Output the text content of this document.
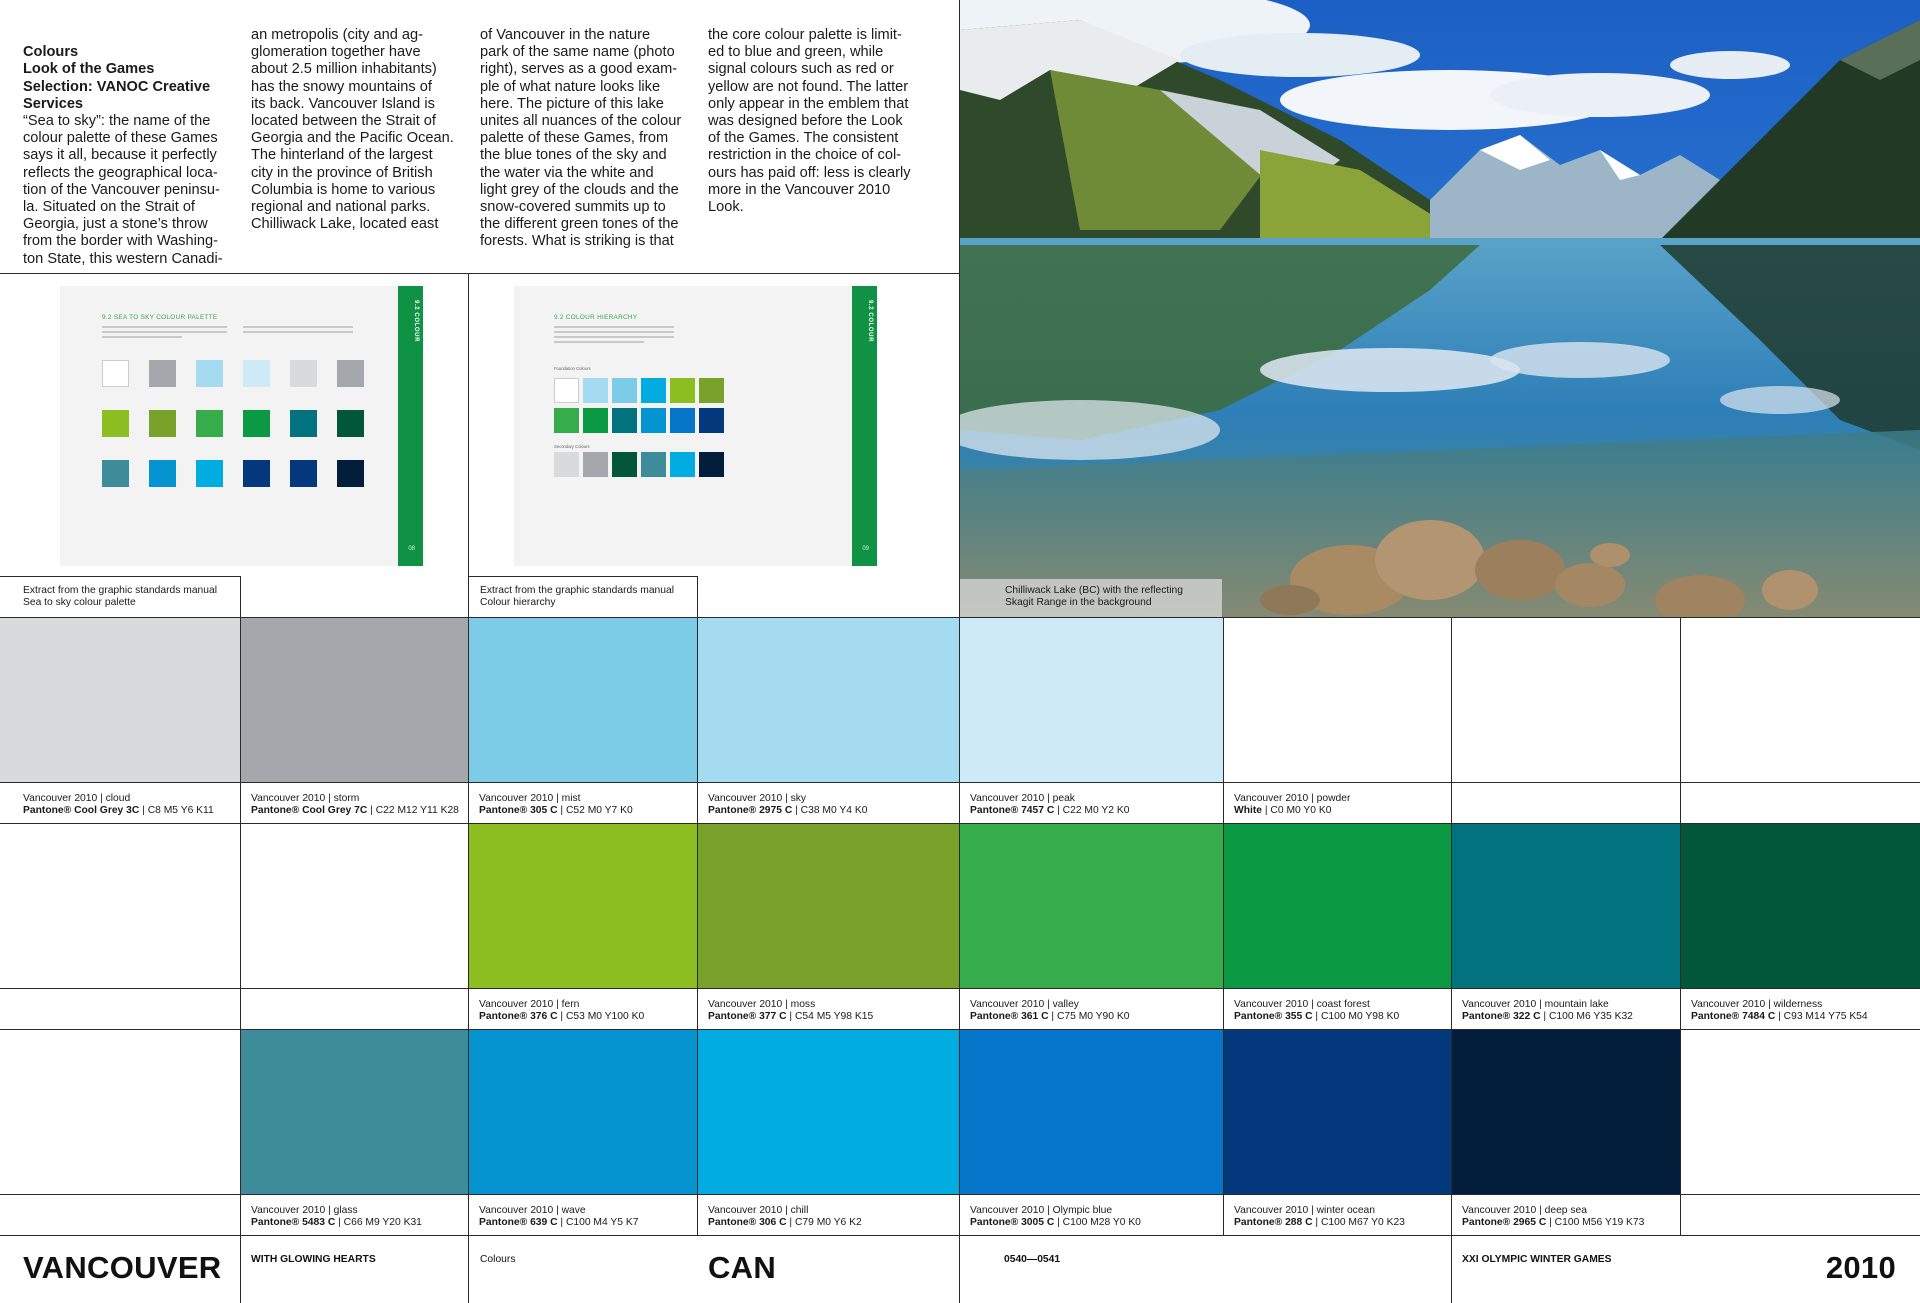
Colours
Look of the Games
Selection: VANOC Creative
Services
“Sea to sky”: the name of the
colour palette of these Games
says it all, because it perfectly
reflects the geographical loca-
tion of the Vancouver peninsu-
la. Situated on the Strait of
Georgia, just a stone’s throw
from the border with Washing-
ton State, this western Canadi-

an metropolis (city and ag-
glomeration together have
about 2.5 million inhabitants)
has the snowy mountains of
its back. Vancouver Island is
located between the Strait of
Georgia and the Pacific Ocean.
The hinterland of the largest
city in the province of British
Columbia is home to various
regional and national parks.
Chilliwack Lake, located east
of Vancouver in the nature
park of the same name (photo
right), serves as a good exam-
ple of what nature looks like
here. The picture of this lake
unites all nuances of the colour
palette of these Games, from
the blue tones of the sky and
the water via the white and
light grey of the clouds and the
snow-covered summits up to
the different green tones of the
forests. What is striking is that
the core colour palette is limit-
ed to blue and green, while
signal colours such as red or
yellow are not found. The latter
only appear in the emblem that
was designed before the Look
of the Games. The consistent
restriction in the choice of col-
ours has paid off: less is clearly
more in the Vancouver 2010
Look.
9.2 COLOUR
08
9.2 SEA TO SKY COLOUR PALETTE	9.2 COLOUR
09
9.2 COLOUR HIERARCHY
Foundation Colours
Secondary Colours
Chilliwack Lake (BC) with the reflecting
Skagit Range in the background
Extract from the graphic standards manual
Sea to sky colour palette
Extract from the graphic standards manual
Colour hierarchy
Vancouver 2010 | cloud
Pantone® Cool Grey 3C | C8 M5 Y6 K11
Vancouver 2010 | storm
Pantone® Cool Grey 7C | C22 M12 Y11 K28
Vancouver 2010 | mist
Pantone® 305 C | C52 M0 Y7 K0
Vancouver 2010 | sky
Pantone® 2975 C | C38 M0 Y4 K0
Vancouver 2010 | peak
Pantone® 7457 C | C22 M0 Y2 K0
Vancouver 2010 | powder
White | C0 M0 Y0 K0
Vancouver 2010 | fern
Pantone® 376 C | C53 M0 Y100 K0
Vancouver 2010 | moss
Pantone® 377 C | C54 M5 Y98 K15
Vancouver 2010 | valley
Pantone® 361 C | C75 M0 Y90 K0
Vancouver 2010 | coast forest
Pantone® 355 C | C100 M0 Y98 K0
Vancouver 2010 | mountain lake
Pantone® 322 C | C100 M6 Y35 K32
Vancouver 2010 | wilderness
Pantone® 7484 C | C93 M14 Y75 K54
Vancouver 2010 | glass
Pantone® 5483 C | C66 M9 Y20 K31
Vancouver 2010 | wave
Pantone® 639 C | C100 M4 Y5 K7
Vancouver 2010 | chill
Pantone® 306 C | C79 M0 Y6 K2
Vancouver 2010 | Olympic blue
Pantone® 3005 C | C100 M28 Y0 K0
Vancouver 2010 | winter ocean
Pantone® 288 C | C100 M67 Y0 K23
Vancouver 2010 | deep sea
Pantone® 2965 C | C100 M56 Y19 K73
VANCOUVER	WITH GLOWING HEARTS	Colours	CAN	0540—0541	XXI OLYMPIC WINTER GAMES	2010
